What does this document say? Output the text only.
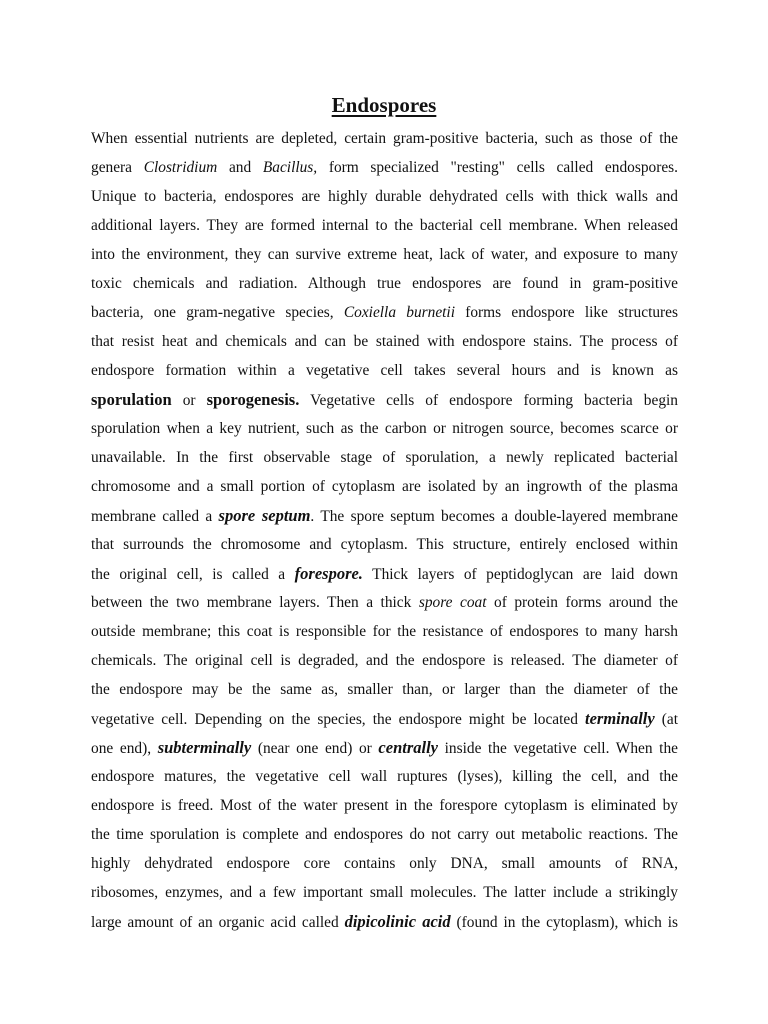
Endospores
When essential nutrients are depleted, certain gram-positive bacteria, such as those of the
genera Clostridium and Bacillus, form specialized "resting" cells called endospores.
Unique to bacteria, endospores are highly durable dehydrated cells with thick walls and
additional layers. They are formed internal to the bacterial cell membrane. When released
into the environment, they can survive extreme heat, lack of water, and exposure to many
toxic chemicals and radiation. Although true endospores are found in gram-positive
bacteria, one gram-negative species, Coxiella burnetii forms endospore like structures
that resist heat and chemicals and can be stained with endospore stains. The process of
endospore formation within a vegetative cell takes several hours and is known as
sporulation or sporogenesis. Vegetative cells of endospore forming bacteria begin
sporulation when a key nutrient, such as the carbon or nitrogen source, becomes scarce or
unavailable. In the first observable stage of sporulation, a newly replicated bacterial
chromosome and a small portion of cytoplasm are isolated by an ingrowth of the plasma
membrane called a spore septum. The spore septum becomes a double-layered membrane
that surrounds the chromosome and cytoplasm. This structure, entirely enclosed within
the original cell, is called a forespore. Thick layers of peptidoglycan are laid down
between the two membrane layers. Then a thick spore coat of protein forms around the
outside membrane; this coat is responsible for the resistance of endospores to many harsh
chemicals. The original cell is degraded, and the endospore is released. The diameter of
the endospore may be the same as, smaller than, or larger than the diameter of the
vegetative cell. Depending on the species, the endospore might be located terminally (at
one end), subterminally (near one end) or centrally inside the vegetative cell. When the
endospore matures, the vegetative cell wall ruptures (lyses), killing the cell, and the
endospore is freed. Most of the water present in the forespore cytoplasm is eliminated by
the time sporulation is complete and endospores do not carry out metabolic reactions. The
highly dehydrated endospore core contains only DNA, small amounts of RNA,
ribosomes, enzymes, and a few important small molecules. The latter include a strikingly
large amount of an organic acid called dipicolinic acid (found in the cytoplasm), which is
